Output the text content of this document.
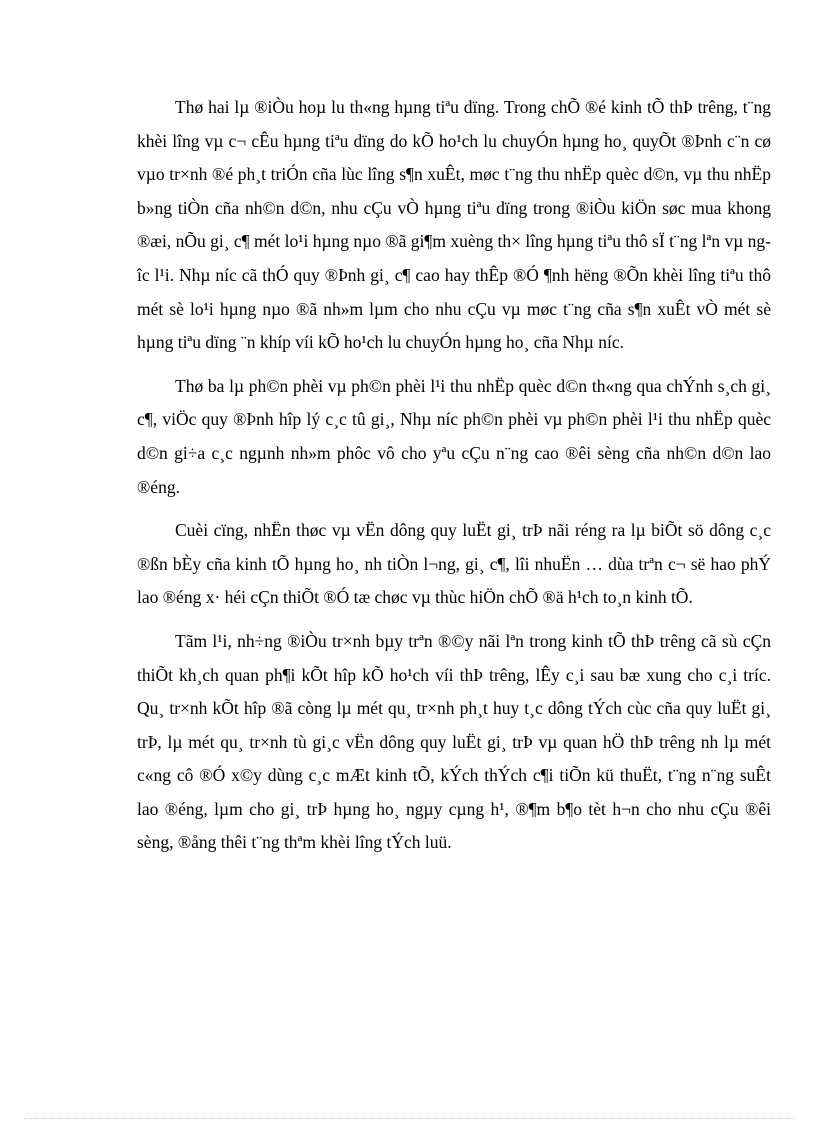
Thø hai lµ ®iÒu hoµ lu th«ng hµng tiªu dïng. Trong chÕ ®é kinh tÕ thÞ trêng, t¨ng khèi lîng vµ c¬ cÊu hµng tiªu dïng do kÕ ho¹ch lu chuyÓn hµng ho¸ quyÕt ®Þnh c¨n cø vµo tr×nh ®é ph¸t triÓn cña lùc lîng s¶n xuÊt, møc t¨ng thu nhËp quèc d©n, vµ thu nhËp b»ng tiÒn cña nh©n d©n, nhu cÇu vÒ hµng tiªu dïng trong ®iÒu kiÖn søc mua khong ®æi, nÕu gi¸ c¶ mét lo¹i hµng nµo ®ã gi¶m xuèng th× lîng hµng tiªu thô sÏ t¨ng lªn vµ ngîc l¹i. Nhµ níc cã thÓ quy ®Þnh gi¸ c¶ cao hay thÊp ®Ó ¶nh hëng ®Õn khèi lîng tiªu thô mét sè lo¹i hµng nµo ®ã nh»m lµm cho nhu cÇu vµ møc t¨ng cña s¶n xuÊt vÒ mét sè hµng tiªu dïng ¨n khíp víi kÕ ho¹ch lu chuyÓn hµng ho¸ cña Nhµ níc.

Thø ba lµ ph©n phèi vµ ph©n phèi l¹i thu nhËp quèc d©n th«ng qua chÝnh s¸ch gi¸ c¶, viÖc quy ®Þnh hîp lý c¸c tû gi¸, Nhµ níc ph©n phèi vµ ph©n phèi l¹i thu nhËp quèc d©n gi÷a c¸c ngµnh nh»m phôc vô cho yªu cÇu n¨ng cao ®êi sèng cña nh©n d©n lao ®éng.

Cuèi cïng, nhËn thøc vµ vËn dông quy luËt gi¸ trÞ nãi réng ra lµ biÕt sö dông c¸c ®ßn bÈy cña kinh tÕ hµng ho¸ nh tiÒn l¬ng, gi¸ c¶, lîi nhuËn … dùa trªn c¬ së hao phÝ lao ®éng x· héi cÇn thiÕt ®Ó tæ chøc vµ thùc hiÖn chÕ ®ä h¹ch to¸n kinh tÕ.

Tãm l¹i, nh÷ng ®iÒu tr×nh bµy trªn ®©y nãi lªn trong kinh tÕ thÞ trêng cã sù cÇn thiÕt kh¸ch quan ph¶i kÕt hîp kÕ ho¹ch víi thÞ trêng, lÊy c¸i sau bæ xung cho c¸i tríc. Qu¸ tr×nh kÕt hîp ®ã còng lµ mét qu¸ tr×nh ph¸t huy t¸c dông tÝch cùc cña quy luËt gi¸ trÞ, lµ mét qu¸ tr×nh tù gi¸c vËn dông quy luËt gi¸ trÞ vµ quan hÖ thÞ trêng nh lµ mét c«ng cô ®Ó x©y dùng c¸c mÆt kinh tÕ, kÝch thÝch c¶i tiÕn kü thuËt, t¨ng n¨ng suÊt lao ®éng, lµm cho gi¸ trÞ hµng ho¸ ngµy cµng h¹, ®¶m b¶o tèt h¬n cho nhu cÇu ®êi sèng, ®ång thêi t¨ng thªm khèi lîng tÝch luü.
